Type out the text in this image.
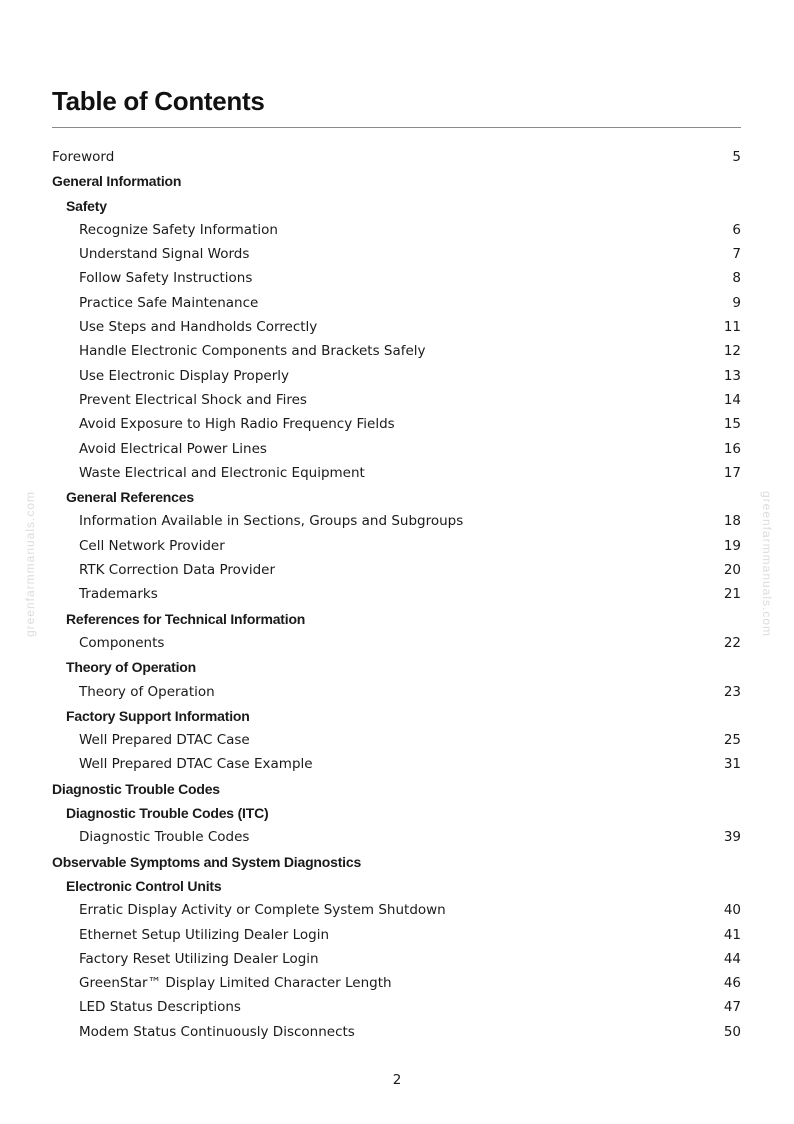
Table of Contents
Foreword	5
General Information
Safety
Recognize Safety Information	6
Understand Signal Words	7
Follow Safety Instructions	8
Practice Safe Maintenance	9
Use Steps and Handholds Correctly	11
Handle Electronic Components and Brackets Safely	12
Use Electronic Display Properly	13
Prevent Electrical Shock and Fires	14
Avoid Exposure to High Radio Frequency Fields	15
Avoid Electrical Power Lines	16
Waste Electrical and Electronic Equipment	17
General References
Information Available in Sections, Groups and Subgroups	18
Cell Network Provider	19
RTK Correction Data Provider	20
Trademarks	21
References for Technical Information
Components	22
Theory of Operation
Theory of Operation	23
Factory Support Information
Well Prepared DTAC Case	25
Well Prepared DTAC Case Example	31
Diagnostic Trouble Codes
Diagnostic Trouble Codes (ITC)
Diagnostic Trouble Codes	39
Observable Symptoms and System Diagnostics
Electronic Control Units
Erratic Display Activity or Complete System Shutdown	40
Ethernet Setup Utilizing Dealer Login	41
Factory Reset Utilizing Dealer Login	44
GreenStar™ Display Limited Character Length	46
LED Status Descriptions	47
Modem Status Continuously Disconnects	50
greenfarmmanuals.com	greenfarmmanuals.com
2
